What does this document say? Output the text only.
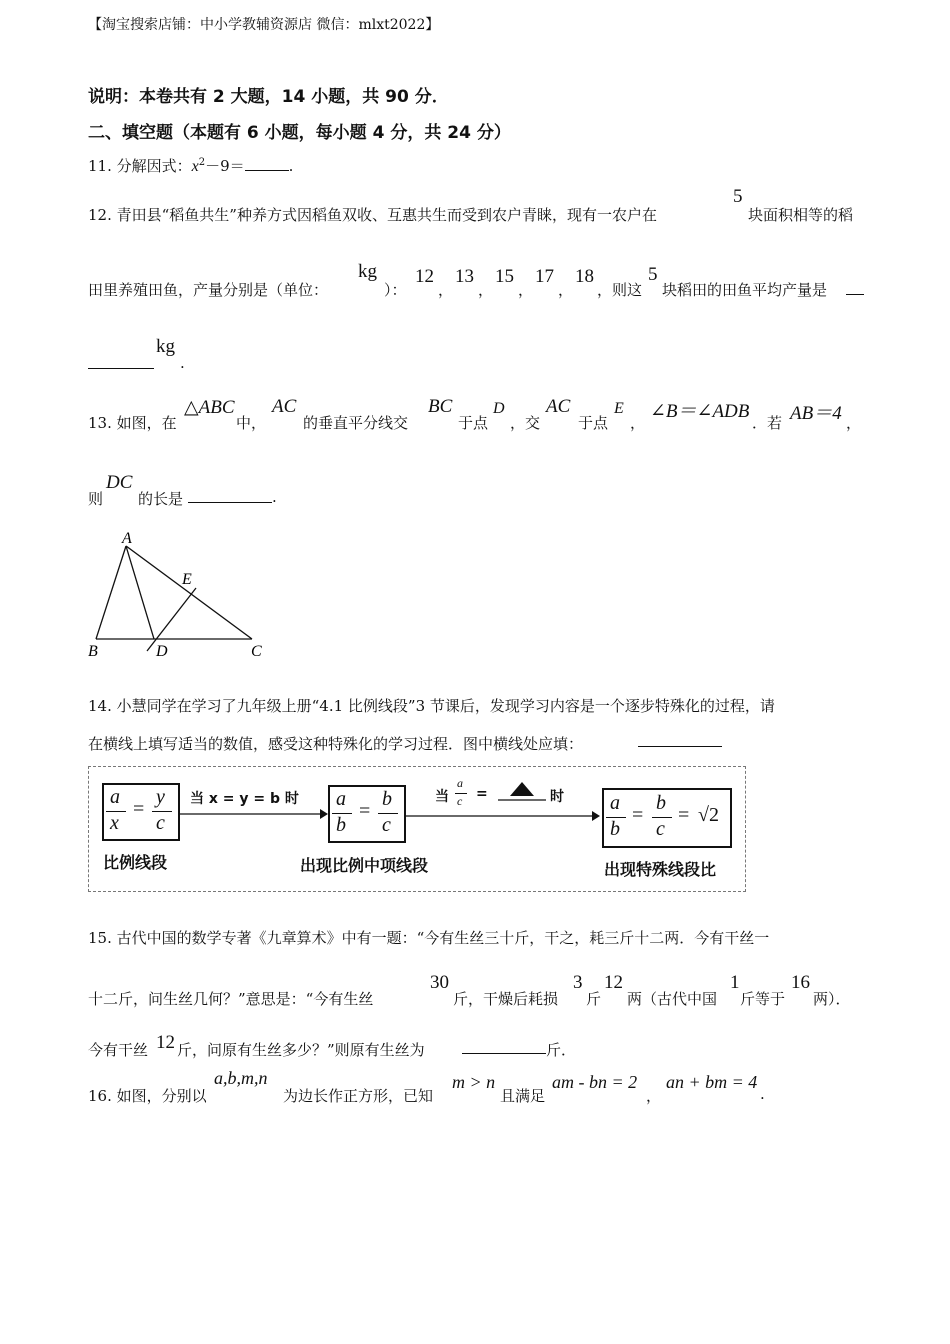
【淘宝搜索店铺：中小学教辅资源店 微信：mlxt2022】
说明：本卷共有 2 大题，14 小题，共 90 分．
二、填空题（本题有 6 小题，每小题 4 分，共 24 分）
11. 分解因式：$x^2-9=$	.
12. 青田县“稻鱼共生”种养方式因稻鱼双收、互惠共生而受到农户青睐，现有一农户在
5
块面积相等的稻
田里养殖田鱼，产量分别是（单位：
kg
）：
12
，
13
，
15
，
17
，
18
，则这
5
块稻田的田鱼平均产量是
kg
.
13. 如图，在
△ABC
中，
AC
的垂直平分线交
BC
于点
D
，交
AC
于点
E
，
∠B＝∠ADB
．若 AB＝4 ，
则
DC
的长是	.
A
B	D	C
E
14. 小慧同学在学习了九年级上册“4.1 比例线段”3 节课后，发现学习内容是一个逐步特殊化的过程，请
在横线上填写适当的数值，感受这种特殊化的学习过程．图中横线处应填：
a
x
=
y
c
比例线段
当 x = y = b 时 a
b
=
b
c
出现比例中项线段
当
a
c =	时 a
b
=
b
c
= √2
出现特殊线段比
15. 古代中国的数学专著《九章算术》中有一题：“今有生丝三十斤，干之，耗三斤十二两．今有干丝一
十二斤，问生丝几何？”意思是：“今有生丝
30
斤，干燥后耗损
3
斤
12
两（古代中国
1
斤等于
16
两）．
今有干丝 12 斤，问原有生丝多少？”则原有生丝为	斤．
16. 如图，分别以
a,b,m,n
为边长作正方形，已知
m > n
且满足
am - bn = 2
，
an + bm = 4
.
